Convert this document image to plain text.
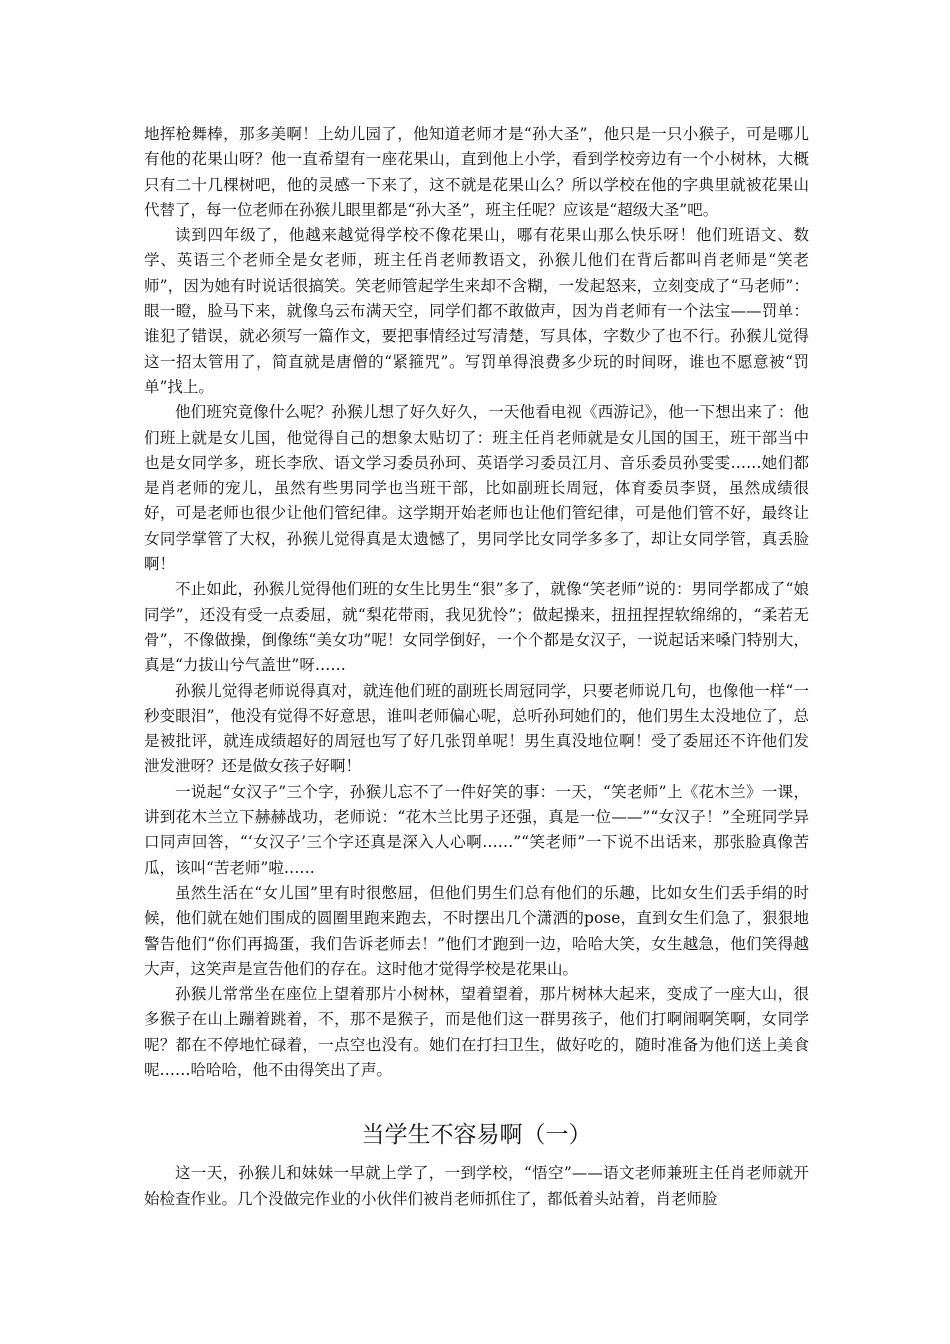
地挥枪舞棒，那多美啊！上幼儿园了，他知道老师才是“孙大圣”，他只是一只小猴子，可是哪儿有他的花果山呀？他一直希望有一座花果山，直到他上小学，看到学校旁边有一个小树林，大概只有二十几棵树吧，他的灵感一下来了，这不就是花果山么？所以学校在他的字典里就被花果山代替了，每一位老师在孙猴儿眼里都是“孙大圣”，班主任呢？应该是“超级大圣”吧。

读到四年级了，他越来越觉得学校不像花果山，哪有花果山那么快乐呀！他们班语文、数学、英语三个老师全是女老师，班主任肖老师教语文，孙猴儿他们在背后都叫肖老师是“笑老师”，因为她有时说话很搞笑。笑老师管起学生来却不含糊，一发起怒来，立刻变成了“马老师”：眼一瞪，脸马下来，就像乌云布满天空，同学们都不敢做声，因为肖老师有一个法宝——罚单：谁犯了错误，就必须写一篇作文，要把事情经过写清楚，写具体，字数少了也不行。孙猴儿觉得这一招太管用了，简直就是唐僧的“紧箍咒”。写罚单得浪费多少玩的时间呀，谁也不愿意被“罚单”找上。

他们班究竟像什么呢？孙猴儿想了好久好久，一天他看电视《西游记》，他一下想出来了：他们班上就是女儿国，他觉得自己的想象太贴切了：班主任肖老师就是女儿国的国王，班干部当中也是女同学多，班长李欣、语文学习委员孙珂、英语学习委员江月、音乐委员孙雯雯……她们都是肖老师的宠儿，虽然有些男同学也当班干部，比如副班长周冠，体育委员李贤，虽然成绩很好，可是老师也很少让他们管纪律。这学期开始老师也让他们管纪律，可是他们管不好，最终让女同学掌管了大权，孙猴儿觉得真是太遗憾了，男同学比女同学多多了，却让女同学管，真丢脸啊！

不止如此，孙猴儿觉得他们班的女生比男生“狠”多了，就像“笑老师”说的：男同学都成了“娘同学”，还没有受一点委屈，就“梨花带雨，我见犹怜”；做起操来，扭扭捏捏软绵绵的，“柔若无骨”，不像做操，倒像练“美女功”呢！女同学倒好，一个个都是女汉子，一说起话来嗓门特别大，真是“力拔山兮气盖世”呀……

孙猴儿觉得老师说得真对，就连他们班的副班长周冠同学，只要老师说几句，也像他一样“一秒变眼泪”，他没有觉得不好意思，谁叫老师偏心呢，总听孙珂她们的，他们男生太没地位了，总是被批评，就连成绩超好的周冠也写了好几张罚单呢！男生真没地位啊！受了委屈还不许他们发泄发泄呀？还是做女孩子好啊！

一说起“女汉子”三个字，孙猴儿忘不了一件好笑的事：一天，“笑老师”上《花木兰》一课，讲到花木兰立下赫赫战功，老师说：“花木兰比男子还强，真是一位——”“女汉子！”全班同学异口同声回答，“‘女汉子’三个字还真是深入人心啊……”“笑老师”一下说不出话来，那张脸真像苦瓜，该叫“苦老师”啦……

虽然生活在“女儿国”里有时很憋屈，但他们男生们总有他们的乐趣，比如女生们丢手绢的时候，他们就在她们围成的圆圈里跑来跑去，不时摆出几个潇洒的pose，直到女生们急了，狠狠地警告他们“你们再捣蛋，我们告诉老师去！”他们才跑到一边，哈哈大笑，女生越急，他们笑得越大声，这笑声是宣告他们的存在。这时他才觉得学校是花果山。

孙猴儿常常坐在座位上望着那片小树林，望着望着，那片树林大起来，变成了一座大山，很多猴子在山上蹦着跳着，不，那不是猴子，而是他们这一群男孩子，他们打啊闹啊笑啊，女同学呢？都在不停地忙碌着，一点空也没有。她们在打扫卫生，做好吃的，随时准备为他们送上美食呢……哈哈哈，他不由得笑出了声。

当学生不容易啊（一）

这一天，孙猴儿和妹妹一早就上学了，一到学校，“悟空”——语文老师兼班主任肖老师就开始检查作业。几个没做完作业的小伙伴们被肖老师抓住了，都低着头站着，肖老师脸
